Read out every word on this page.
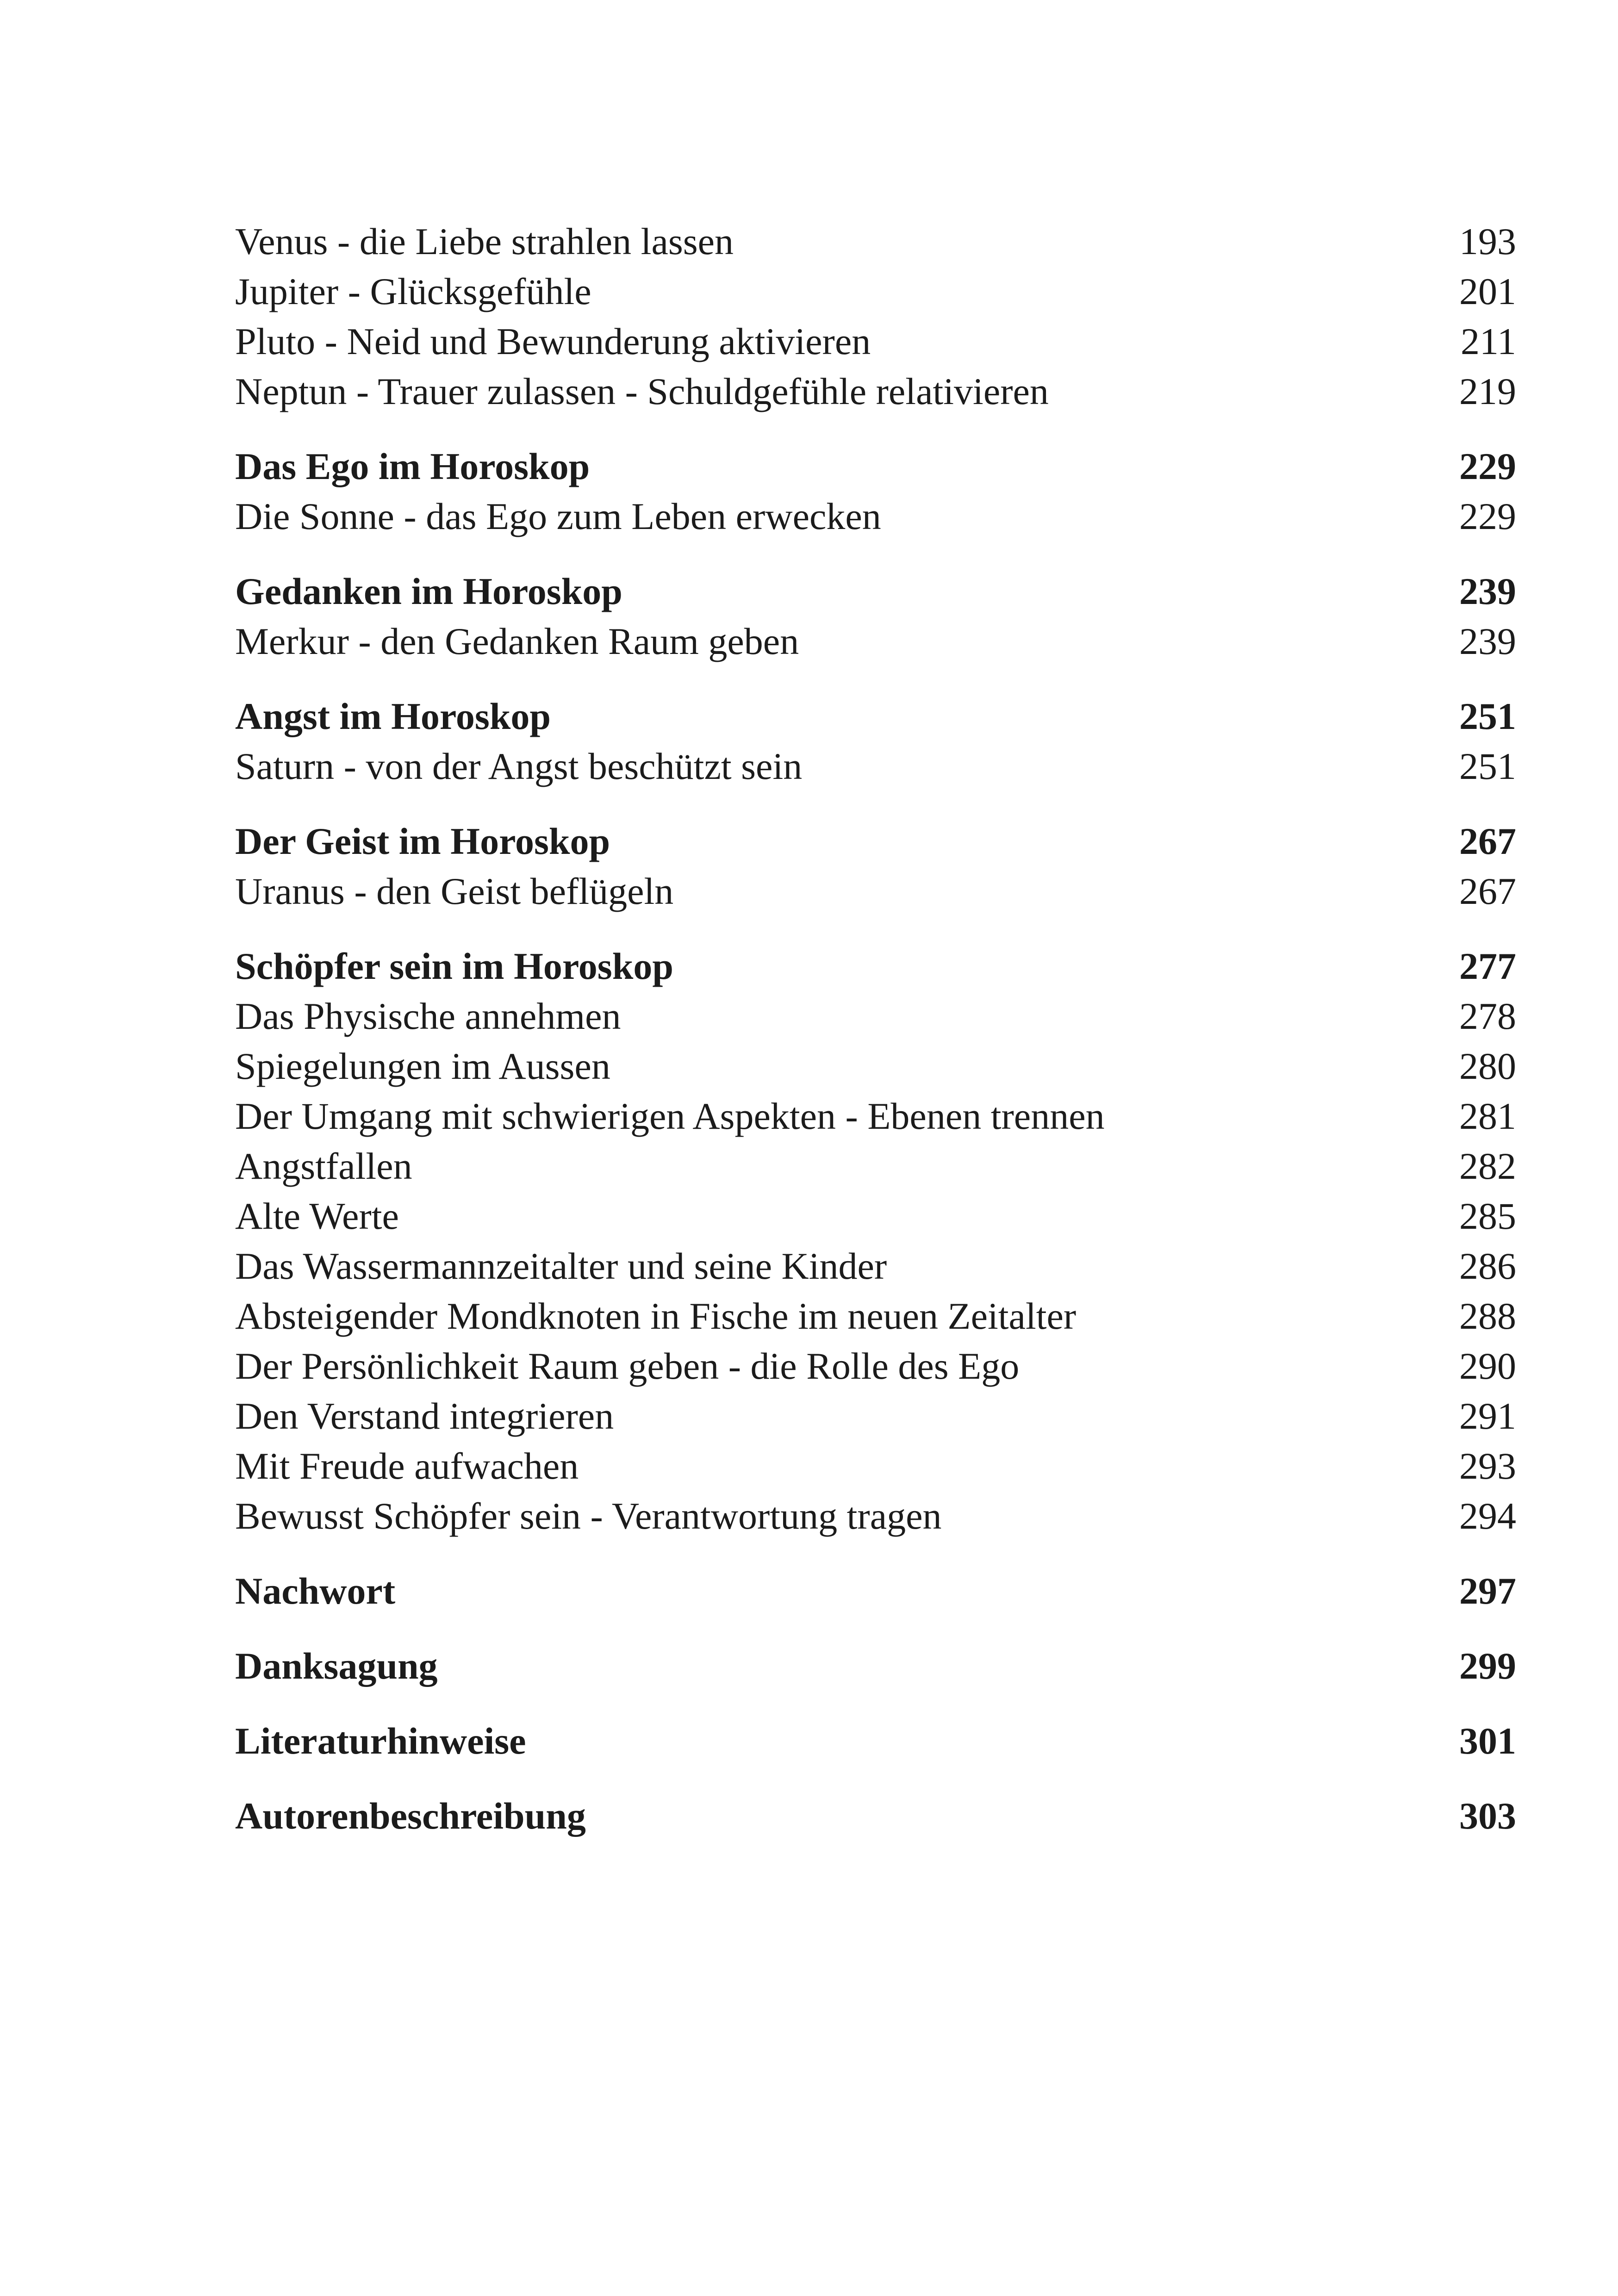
Venus - die Liebe strahlen lassen	193
Jupiter - Glücksgefühle	201
Pluto - Neid und Bewunderung aktivieren	211
Neptun - Trauer zulassen - Schuldgefühle relativieren	219
Das Ego im Horoskop	229
Die Sonne - das Ego zum Leben erwecken	229
Gedanken im Horoskop	239
Merkur - den Gedanken Raum geben	239
Angst im Horoskop	251
Saturn - von der Angst beschützt sein	251
Der Geist im Horoskop	267
Uranus - den Geist beflügeln	267
Schöpfer sein im Horoskop	277
Das Physische annehmen	278
Spiegelungen im Aussen	280
Der Umgang mit schwierigen Aspekten - Ebenen trennen	281
Angstfallen	282
Alte Werte	285
Das Wassermannzeitalter und seine Kinder	286
Absteigender Mondknoten in Fische im neuen Zeitalter	288
Der Persönlichkeit Raum geben - die Rolle des Ego	290
Den Verstand integrieren	291
Mit Freude aufwachen	293
Bewusst Schöpfer sein - Verantwortung tragen	294
Nachwort	297
Danksagung	299
Literaturhinweise	301
Autorenbeschreibung	303
